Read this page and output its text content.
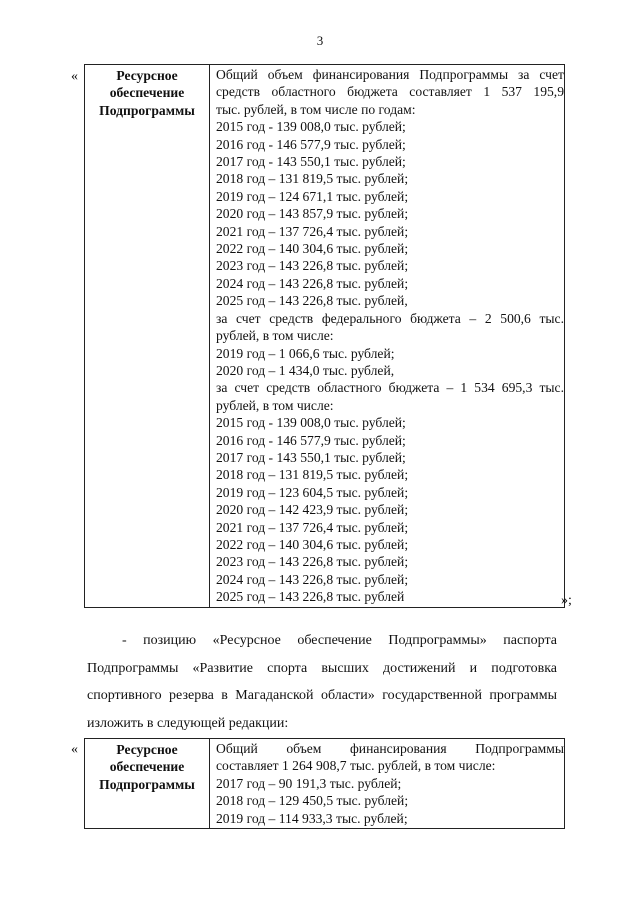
3
«	Ресурсное
обеспечение
Подпрограммы

Общий объем финансирования Подпрограммы за счет
средств областного бюджета составляет 1 537 195,9
тыс. рублей, в том числе по годам:
2015 год - 139 008,0 тыс. рублей;
2016 год - 146 577,9 тыс. рублей;
2017 год - 143 550,1 тыс. рублей;
2018 год – 131 819,5 тыс. рублей;
2019 год – 124 671,1 тыс. рублей;
2020 год – 143 857,9 тыс. рублей;
2021 год – 137 726,4 тыс. рублей;
2022 год – 140 304,6 тыс. рублей;
2023 год – 143 226,8 тыс. рублей;
2024 год – 143 226,8 тыс. рублей;
2025 год – 143 226,8 тыс. рублей,
за счет средств федерального бюджета – 2 500,6 тыс.
рублей, в том числе:
2019 год – 1 066,6 тыс. рублей;
2020 год – 1 434,0 тыс. рублей,
за счет средств областного бюджета – 1 534 695,3 тыс.
рублей, в том числе:
2015 год - 139 008,0 тыс. рублей;
2016 год - 146 577,9 тыс. рублей;
2017 год - 143 550,1 тыс. рублей;
2018 год – 131 819,5 тыс. рублей;
2019 год – 123 604,5 тыс. рублей;
2020 год – 142 423,9 тыс. рублей;
2021 год – 137 726,4 тыс. рублей;
2022 год – 140 304,6 тыс. рублей;
2023 год – 143 226,8 тыс. рублей;
2024 год – 143 226,8 тыс. рублей;
2025 год – 143 226,8 тыс. рублей	»;
- позицию «Ресурсное обеспечение Подпрограммы» паспорта
Подпрограммы «Развитие спорта высших достижений и подготовка
спортивного резерва в Магаданской области» государственной программы
изложить в следующей редакции:
«	Ресурсное
обеспечение
Подпрограммы

Общий объем финансирования Подпрограммы
составляет 1 264 908,7 тыс. рублей, в том числе:
2017 год – 90 191,3 тыс. рублей;
2018 год – 129 450,5 тыс. рублей;
2019 год – 114 933,3 тыс. рублей;
